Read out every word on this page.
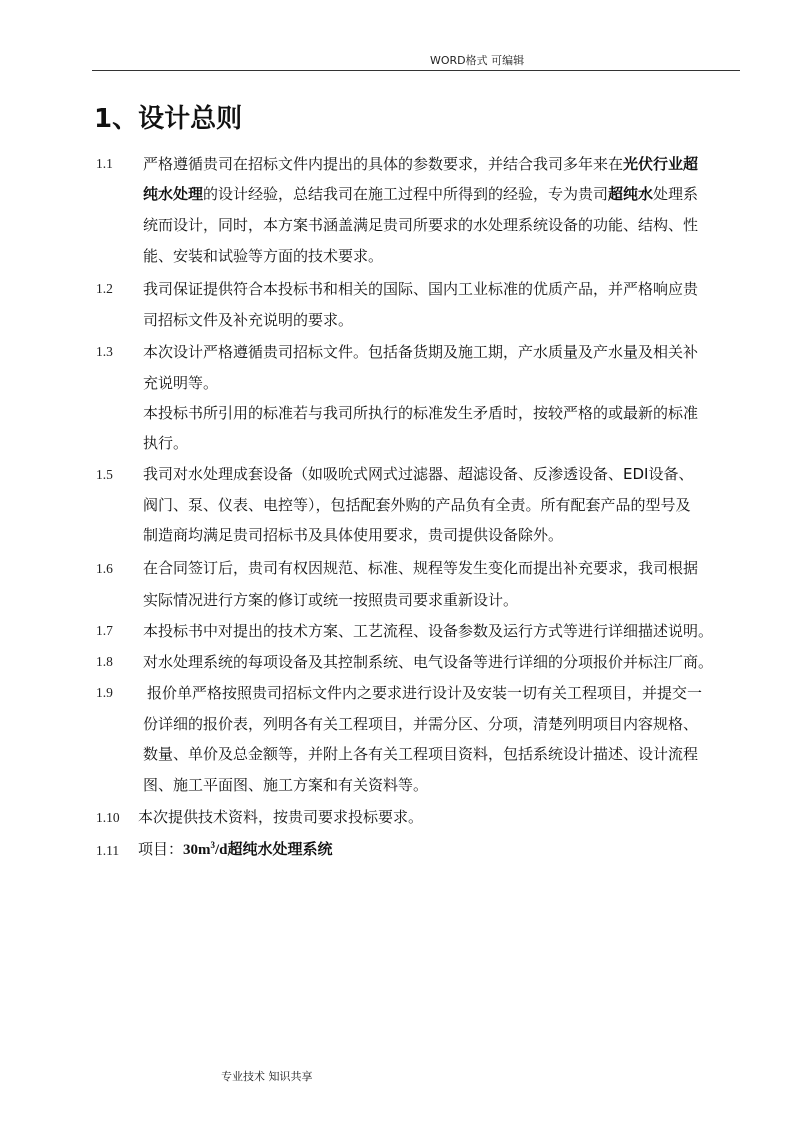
WORD格式 可编辑
1、设计总则
1.1 严格遵循贵司在招标文件内提出的具体的参数要求，并结合我司多年来在光伏行业超
纯水处理的设计经验，总结我司在施工过程中所得到的经验，专为贵司超纯水处理系
统而设计，同时，本方案书涵盖满足贵司所要求的水处理系统设备的功能、结构、性
能、安装和试验等方面的技术要求。
1.2 我司保证提供符合本投标书和相关的国际、国内工业标准的优质产品，并严格响应贵
司招标文件及补充说明的要求。
1.3 本次设计严格遵循贵司招标文件。包括备货期及施工期，产水质量及产水量及相关补
充说明等。
本投标书所引用的标准若与我司所执行的标准发生矛盾时，按较严格的或最新的标准
执行。
1.5 我司对水处理成套设备（如吸吮式网式过滤器、超滤设备、反渗透设备、EDI设备、
阀门、泵、仪表、电控等），包括配套外购的产品负有全责。所有配套产品的型号及
制造商均满足贵司招标书及具体使用要求，贵司提供设备除外。
1.6 在合同签订后，贵司有权因规范、标准、规程等发生变化而提出补充要求，我司根据
实际情况进行方案的修订或统一按照贵司要求重新设计。
1.7 本投标书中对提出的技术方案、工艺流程、设备参数及运行方式等进行详细描述说明。
1.8 对水处理系统的每项设备及其控制系统、电气设备等进行详细的分项报价并标注厂商。
1.9 报价单严格按照贵司招标文件内之要求进行设计及安装一切有关工程项目，并提交一
份详细的报价表，列明各有关工程项目，并需分区、分项，清楚列明项目内容规格、
数量、单价及总金额等，并附上各有关工程项目资料，包括系统设计描述、设计流程
图、施工平面图、施工方案和有关资料等。
1.10 本次提供技术资料，按贵司要求投标要求。
1.11 项目：$30m^3/d$超纯水处理系统
专业技术 知识共享
